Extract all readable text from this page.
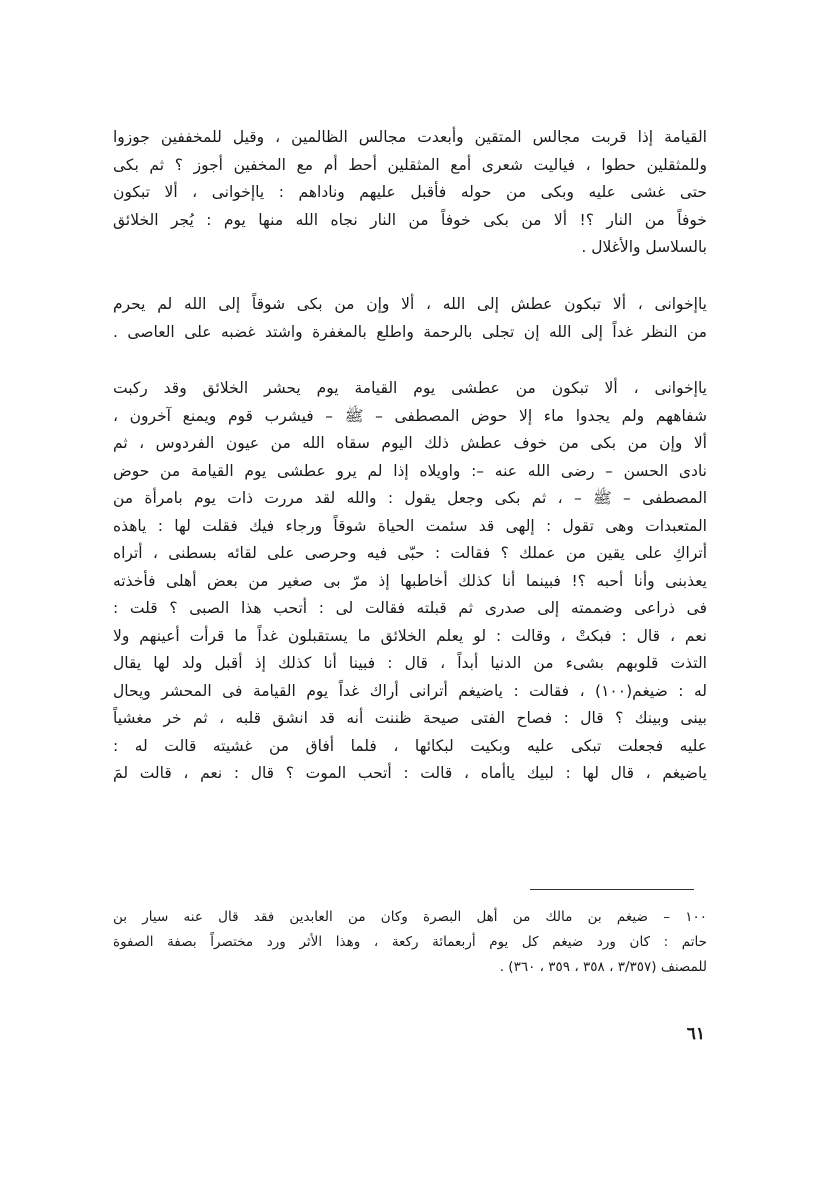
القيامة إذا قربت مجالس المتقين وأبعدت مجالس الظالمين ، وقيل للمخففين جوزوا
وللمثقلين حطوا ، فياليت شعرى أمع المثقلين أحط أم مع المخفين أجوز ؟ ثم بكى
حتى غشى عليه وبكى من حوله فأقبل عليهم وناداهم : ياإخوانى ، ألا تبكون
خوفاً من النار ؟! ألا من بكى خوفاً من النار نجاه الله منها يوم : يُجر الخلائق
بالسلاسل والأغلال .
ياإخوانى ، ألا تبكون عطش إلى الله ، ألا وإن من بكى شوقاً إلى الله لم يحرم
من النظر غداً إلى الله إن تجلى بالرحمة واطلع بالمغفرة واشتد غضبه على العاصى .
ياإخوانى ، ألا تبكون من عطشى يوم القيامة يوم يحشر الخلائق وقد ركبت
شفاههم ولم يجدوا ماء إلا حوض المصطفى – ﷺ – فيشرب قوم ويمنع آخرون ،
ألا وإن من بكى من خوف عطش ذلك اليوم سقاه الله من عيون الفردوس ، ثم
نادى الحسن – رضى الله عنه –: واويلاه إذا لم يرو عطشى يوم القيامة من حوض
المصطفى – ﷺ – ، ثم بكى وجعل يقول : والله لقد مررت ذات يوم بامرأة من
المتعبدات وهى تقول : إلهى قد سئمت الحياة شوقاً ورجاء فيك فقلت لها : ياهذه
أتراكِ على يقين من عملك ؟ فقالت : حبّى فيه وحرصى على لقائه بسطنى ، أتراه
يعذبنى وأنا أحبه ؟! فبينما أنا كذلك أخاطبها إذ مرّ بى صغير من بعض أهلى فأخذته
فى ذراعى وضممته إلى صدرى ثم قبلته فقالت لى : أتحب هذا الصبى ؟ قلت :
نعم ، قال : فبكتْ ، وقالت : لو يعلم الخلائق ما يستقبلون غداً ما قرأت أعينهم ولا
التذت قلوبهم بشىء من الدنيا أبداً ، قال : فبينا أنا كذلك إذ أقبل ولد لها يقال
له : ضيغم(١٠٠) ، فقالت : ياضيغم أترانى أراك غداً يوم القيامة فى المحشر ويحال
بينى وبينك ؟ قال : فصاح الفتى صيحة ظننت أنه قد انشق قلبه ، ثم خر مغشياً
عليه فجعلت تبكى عليه وبكيت لبكائها ، فلما أفاق من غشيته قالت له :
ياضيغم ، قال لها : لبيك ياأماه ، قالت : أتحب الموت ؟ قال : نعم ، قالت لمَ
١٠٠ – ضيغم بن مالك من أهل البصرة وكان من العابدين فقد قال عنه سيار بن
حاتم : كان ورد ضيغم كل يوم أربعمائة ركعة ، وهذا الأثر ورد مختصراً بصفة الصفوة
للمصنف (٣/٣٥٧ ، ٣٥٨ ، ٣٥٩ ، ٣٦٠) .
٦١
